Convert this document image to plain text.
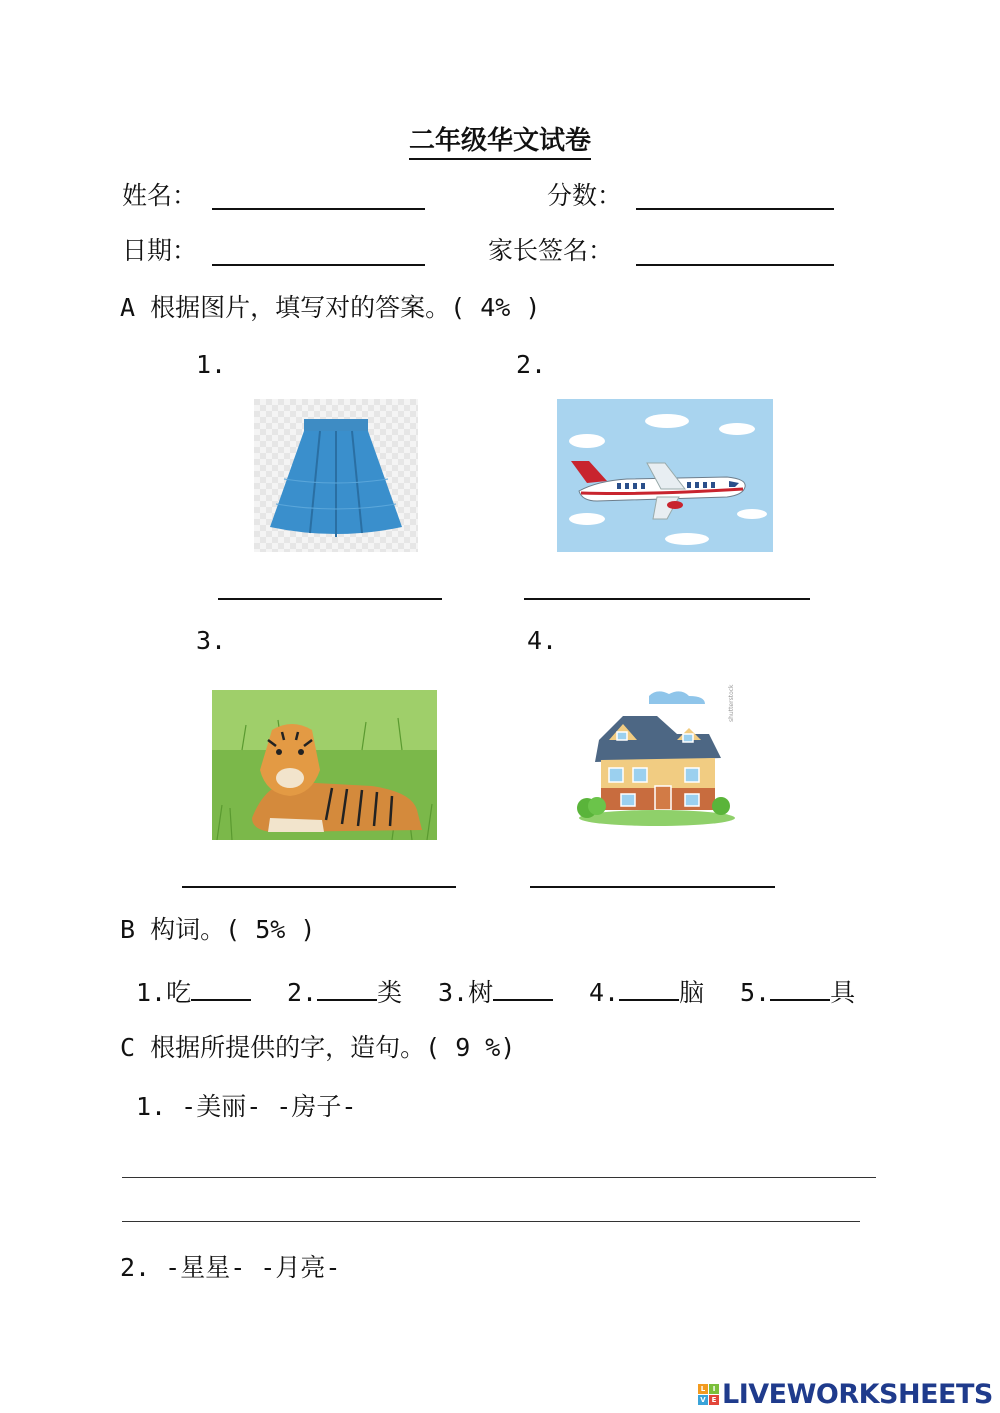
二年级华文试卷
姓名：	分数：
日期：	家长签名：
A 根据图片，填写对的答案。( 4% )
1.	2.
3.	4.
shutterstock
B 构词。( 5% )
1.吃	2. 类 3.树	4. 脑 5. 具
C 根据所提供的字，造句。( 9 %)
1. -美丽- -房子-
2. -星星- -月亮-
L	I
V E LIVEWORKSHEETS
